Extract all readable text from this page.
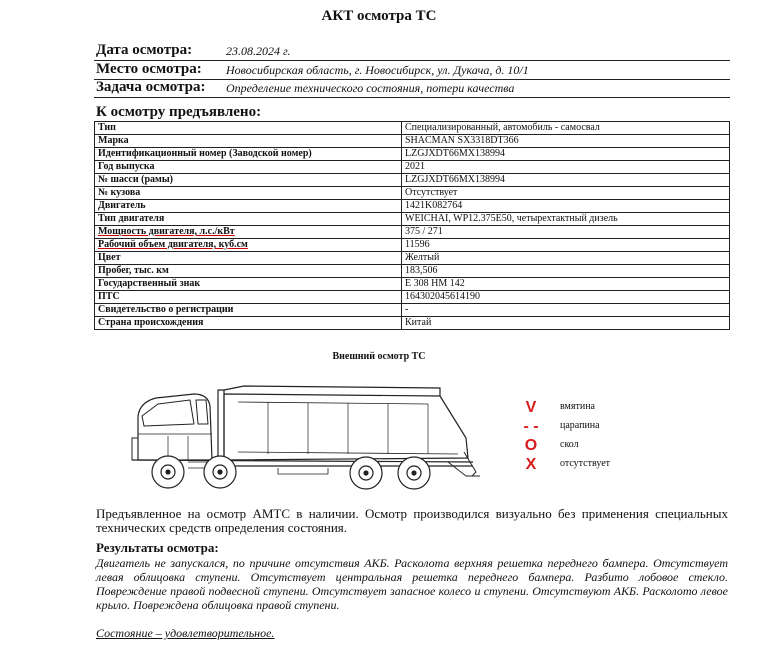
АКТ осмотра ТС
Дата осмотра:	23.08.2024 г.
Место осмотра: Новосибирская область, г. Новосибирск, ул. Дукача, д. 10/1
Задача осмотра: Определение технического состояния, потери качества
К осмотру предъявлено:
Тип	Специализированный, автомобиль - самосвал
Марка	SHACMAN SX3318DT366
Идентификационный номер (Заводской номер)	LZGJXDT66MX138994
Год выпуска	2021
№ шасси (рамы)	LZGJXDT66MX138994
№ кузова	Отсутствует
Двигатель	1421K082764
Тип двигателя	WEICHAI, WP12.375E50, четырехтактный дизель
Мощность двигателя, л.с./кВт	375 / 271
Рабочий объем двигателя, куб.см	11596
Цвет	Желтый
Пробег, тыс. км	183,506
Государственный знак	Е 308 НМ 142
ПТС	164302045614190
Свидетельство о регистрации	-
Страна происхождения	Китай
Внешний осмотр ТС
V	вмятина
- -	царапина
O	скол
X	отсутствует
Предъявленное на осмотр АМТС в наличии. Осмотр производился визуально без применения специальных технических средств определения состояния.
Результаты осмотра:
Двигатель не запускался, по причине отсутствия АКБ. Расколота верхняя решетка переднего бампера. Отсутствует левая облицовка ступени. Отсутствует центральная решетка переднего бампера. Разбито лобовое стекло. Повреждение правой подвесной ступени. Отсутствует запасное колесо и ступени. Отсутствуют АКБ. Расколото левое крыло. Повреждена облицовка правой ступени.
Состояние – удовлетворительное.
